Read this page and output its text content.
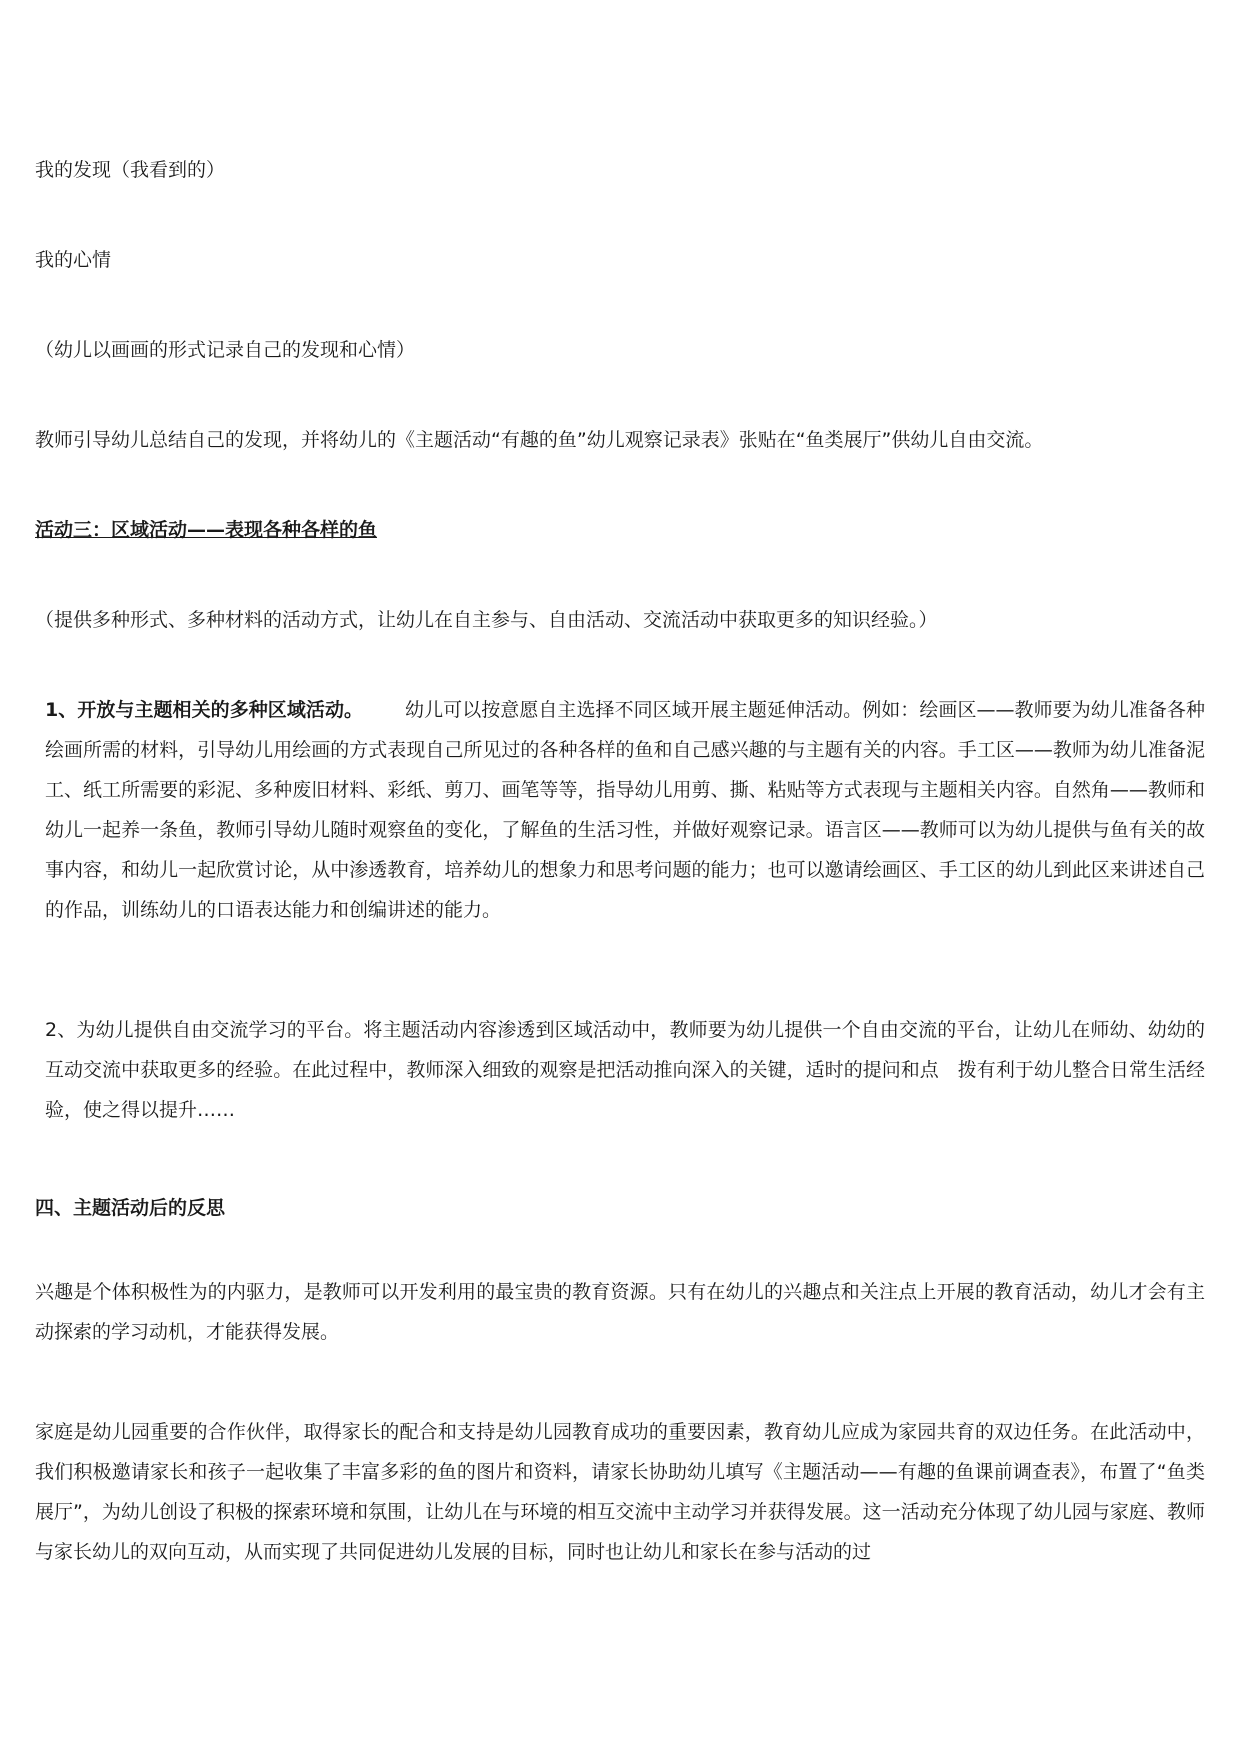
我的发现（我看到的）
我的心情
（幼儿以画画的形式记录自己的发现和心情）
教师引导幼儿总结自己的发现，并将幼儿的《主题活动“有趣的鱼”幼儿观察记录表》张贴在“鱼类展厅”供幼儿自由交流。
活动三：区域活动——表现各种各样的鱼
（提供多种形式、多种材料的活动方式，让幼儿在自主参与、自由活动、交流活动中获取更多的知识经验。）
1、开放与主题相关的多种区域活动。 幼儿可以按意愿自主选择不同区域开展主题延伸活动。例如：绘画区——教师要为幼儿准备各种绘画所需的材料，引导幼儿用绘画的方式表现自己所见过的各种各样的鱼和自己感兴趣的与主题有关的内容。手工区——教师为幼儿准备泥工、纸工所需要的彩泥、多种废旧材料、彩纸、剪刀、画笔等等，指导幼儿用剪、撕、粘贴等方式表现与主题相关内容。自然角——教师和幼儿一起养一条鱼，教师引导幼儿随时观察鱼的变化，了解鱼的生活习性，并做好观察记录。语言区——教师可以为幼儿提供与鱼有关的故事内容，和幼儿一起欣赏讨论，从中渗透教育，培养幼儿的想象力和思考问题的能力；也可以邀请绘画区、手工区的幼儿到此区来讲述自己的作品，训练幼儿的口语表达能力和创编讲述的能力。
2、为幼儿提供自由交流学习的平台。将主题活动内容渗透到区域活动中，教师要为幼儿提供一个自由交流的平台，让幼儿在师幼、幼幼的互动交流中获取更多的经验。在此过程中，教师深入细致的观察是把活动推向深入的关键，适时的提问和点　拨有利于幼儿整合日常生活经验，使之得以提升……
四、主题活动后的反思
兴趣是个体积极性为的内驱力，是教师可以开发利用的最宝贵的教育资源。只有在幼儿的兴趣点和关注点上开展的教育活动，幼儿才会有主动探索的学习动机，才能获得发展。
家庭是幼儿园重要的合作伙伴，取得家长的配合和支持是幼儿园教育成功的重要因素，教育幼儿应成为家园共育的双边任务。在此活动中，我们积极邀请家长和孩子一起收集了丰富多彩的鱼的图片和资料，请家长协助幼儿填写《主题活动——有趣的鱼课前调查表》，布置了“鱼类展厅”，为幼儿创设了积极的探索环境和氛围，让幼儿在与环境的相互交流中主动学习并获得发展。这一活动充分体现了幼儿园与家庭、教师与家长幼儿的双向互动，从而实现了共同促进幼儿发展的目标，同时也让幼儿和家长在参与活动的过
